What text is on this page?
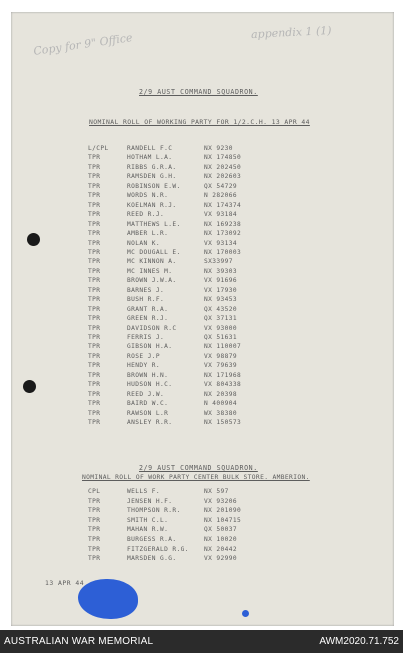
Copy for 9" Office	appendix 1 (1)
2/9 AUST COMMAND SQUADRON.
NOMINAL ROLL OF WORKING PARTY FOR 1/2.C.H. 13 APR 44
L/CPL	RANDELL F.C	NX 9230
TPR	HOTHAM L.A.	NX 174850
TPR	RIBBS G.R.A.	NX 202450
TPR	RAMSDEN G.H.	NX 202603
TPR	ROBINSON E.W.	QX 54729
TPR	WORDS N.R.	N 282066
TPR	KOELMAN R.J.	NX 174374
TPR	REED R.J.	VX 93184
TPR	MATTHEWS L.E.	NX 169238
TPR	AMBER L.R.	NX 173092
TPR	NOLAN K.	VX 93134
TPR	MC DOUGALL E.	NX 170003
TPR	MC KINNON A.	SX33997
TPR	MC INNES M.	NX 39303
TPR	BROWN J.W.A.	VX 91696
TPR	BARNES J.	VX 17930
TPR	BUSH R.F.	NX 93453
TPR	GRANT R.A.	QX 43520
TPR	GREEN R.J.	QX 37131
TPR	DAVIDSON R.C	VX 93000
TPR	FERRIS J.	QX 51631
TPR	GIBSON H.A.	NX 110007
TPR	ROSE J.P	VX 98879
TPR	HENDY R.	VX 79639
TPR	BROWN H.N.	NX 171968
TPR	HUDSON H.C.	VX 804338
TPR	REED J.W.	NX 20398
TPR	BAIRD W.C.	N 400904
TPR	RAWSON L.R	WX 38380
TPR	ANSLEY R.R.	NX 150573
2/9 AUST COMMAND SQUADRON.
NOMINAL ROLL OF WORK PARTY CENTER BULK STORE. AMBERION.
CPL	WELLS F.	NX 597
TPR	JENSEN H.F.	VX 93206
TPR	THOMPSON R.R.	NX 201090
TPR	SMITH C.L.	NX 104715
TPR	MAHAN R.W.	QX 50037
TPR	BURGESS R.A.	NX 10020
TPR	FITZGERALD R.G. NX 20442
TPR	MARSDEN G.G.	VX 92990
13 APR 44
AUSTRALIAN WAR MEMORIAL	AWM2020.71.752
